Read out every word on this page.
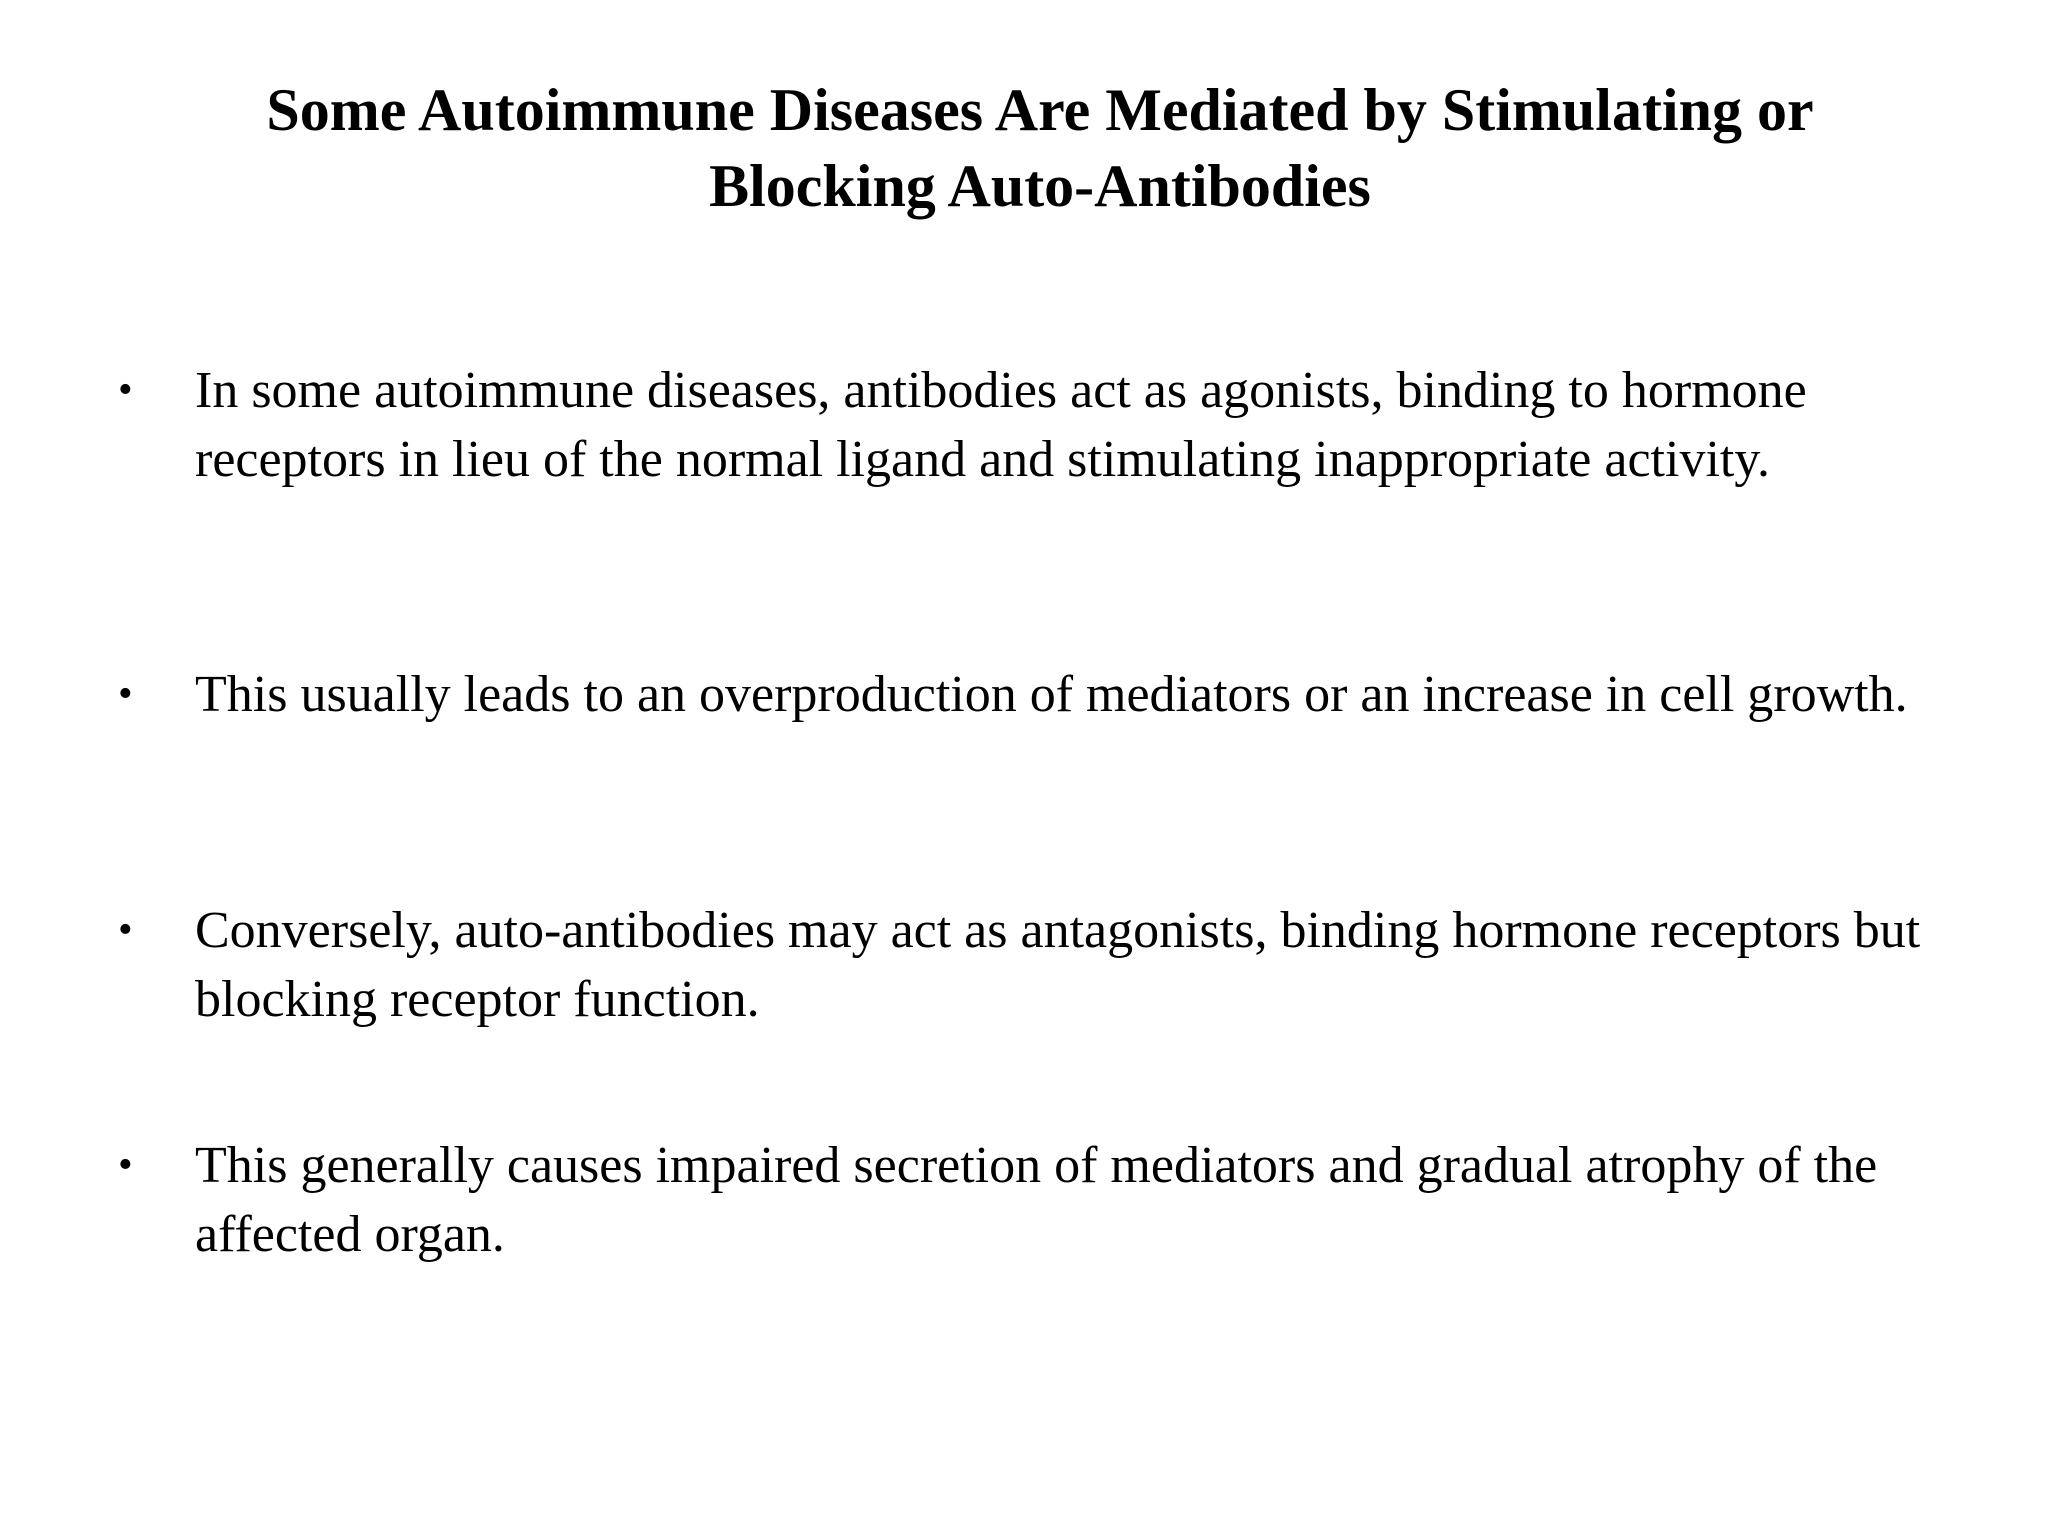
Some Autoimmune Diseases Are Mediated by Stimulating or Blocking Auto-Antibodies
• In some autoimmune diseases, antibodies act as agonists, binding to hormone receptors in lieu of the normal ligand and stimulating inappropriate activity.
• This usually leads to an overproduction of mediators or an increase in cell growth.
• Conversely, auto-antibodies may act as antagonists, binding hormone receptors but blocking receptor function.
• This generally causes impaired secretion of mediators and gradual atrophy of the affected organ.
